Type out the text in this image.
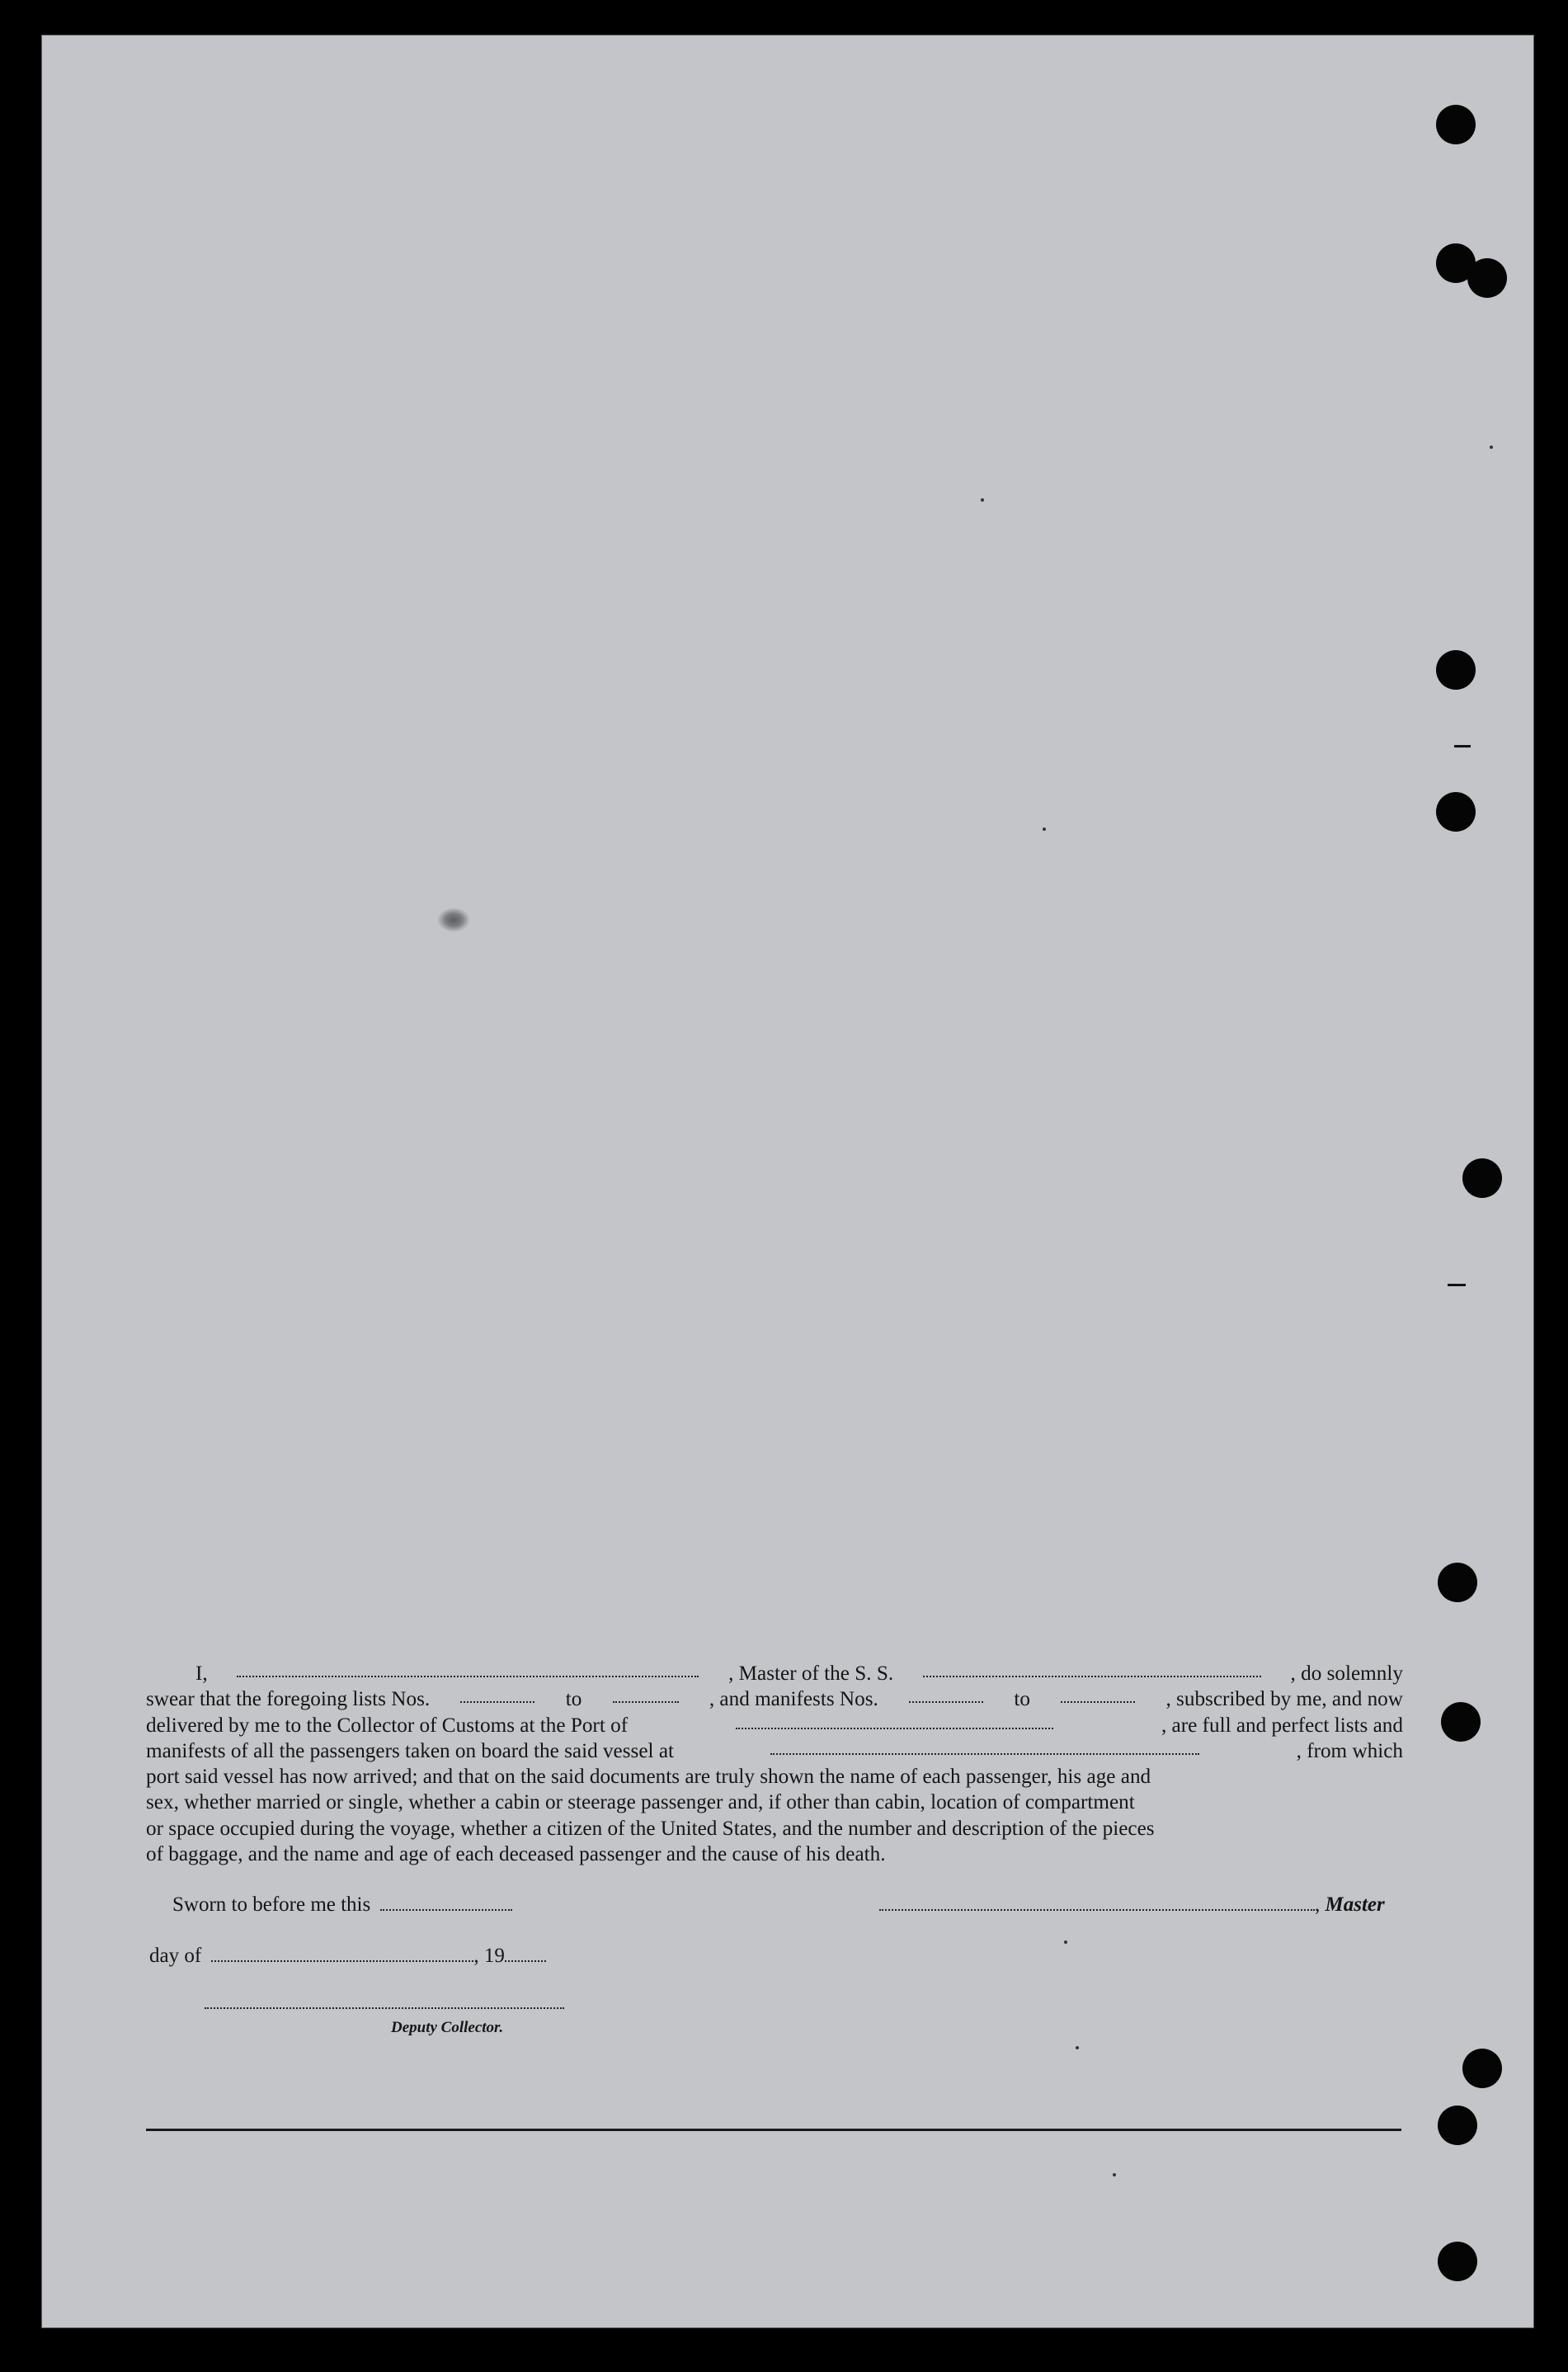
I,	, Master of the S. S.	, do solemnly
swear that the foregoing lists Nos.	to	, and manifests Nos.	to	, subscribed by me, and now
delivered by me to the Collector of Customs at the Port of	, are full and perfect lists and
manifests of all the passengers taken on board the said vessel at	, from which
port said vessel has now arrived; and that on the said documents are truly shown the name of each passenger, his age and
sex, whether married or single, whether a cabin or steerage passenger and, if other than cabin, location of compartment
or space occupied during the voyage, whether a citizen of the United States, and the number and description of the pieces
of baggage, and the name and age of each deceased passenger and the cause of his death.
Sworn to before me this	, Master
day of	, 19
Deputy Collector.
